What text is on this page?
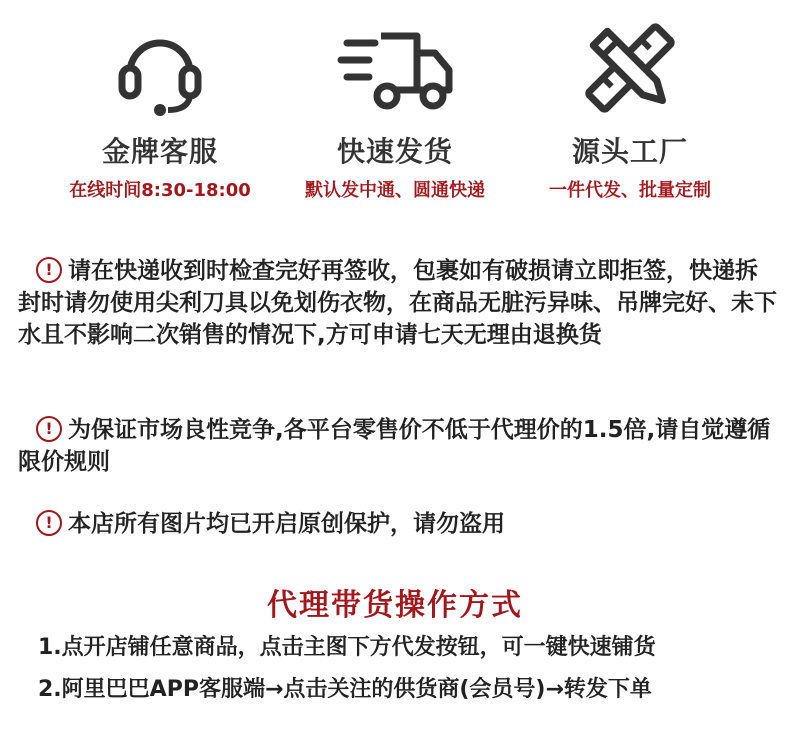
金牌客服
在线时间8:30-18:00
快速发货
默认发中通、圆通快递
源头工厂
一件代发、批量定制
! 请在快递收到时检查完好再签收，包裹如有破损请立即拒签，快递拆封时请勿使用尖利刀具以免划伤衣物，在商品无脏污异味、吊牌完好、未下水且不影响二次销售的情况下,方可申请七天无理由退换货
! 为保证市场良性竞争,各平台零售价不低于代理价的1.5倍,请自觉遵循限价规则
! 本店所有图片均已开启原创保护，请勿盗用
代理带货操作方式
1.点开店铺任意商品，点击主图下方代发按钮，可一键快速铺货
2.阿里巴巴APP客服端→点击关注的供货商(会员号)→转发下单
